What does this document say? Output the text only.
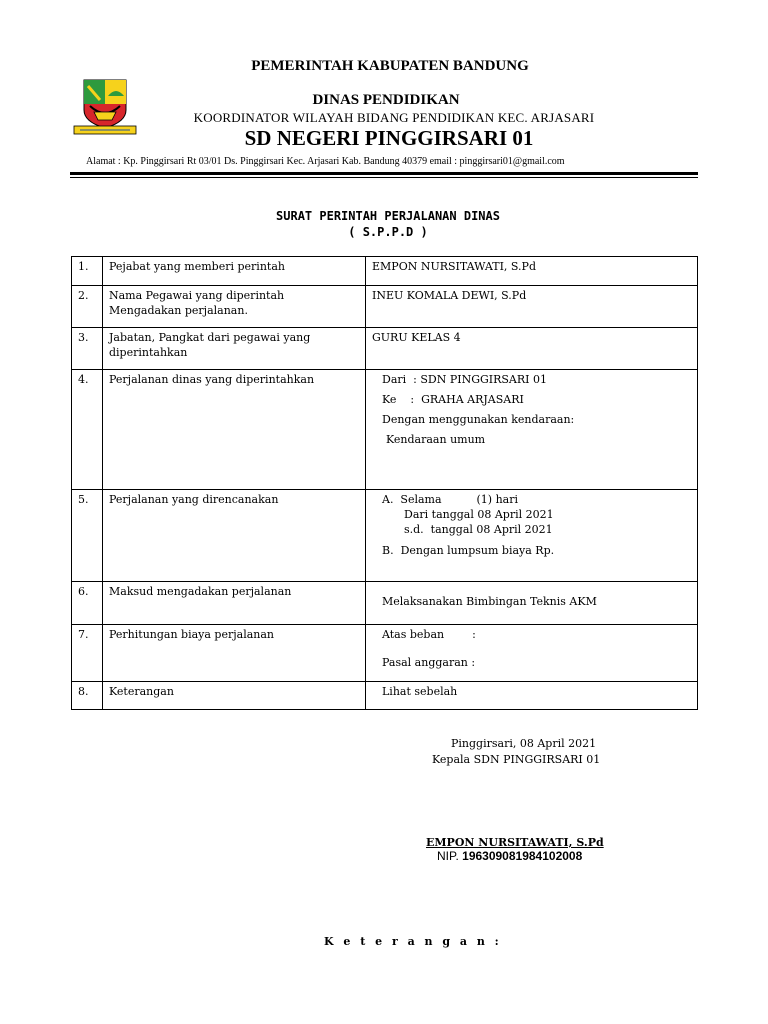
PEMERINTAH KABUPATEN BANDUNG
DINAS PENDIDIKAN
KOORDINATOR WILAYAH BIDANG PENDIDIKAN KEC. ARJASARI
SD NEGERI PINGGIRSARI 01
Alamat : Kp. Pinggirsari Rt 03/01 Ds. Pinggirsari Kec. Arjasari Kab. Bandung 40379 email : pinggirsari01@gmail.com
SURAT PERINTAH PERJALANAN DINAS
( S.P.P.D )
1.	Pejabat yang memberi perintah	EMPON NURSITAWATI, S.Pd

2.	Nama Pegawai yang diperintah
Mengadakan perjalanan.	INEU KOMALA DEWI, S.Pd

3.	Jabatan, Pangkat dari pegawai yang
diperintahkan	GURU KELAS 4

4.	Perjalanan dinas yang diperintahkan	Dari  : SDN PINGGIRSARI 01
Ke    :  GRAHA ARJASARI
Dengan menggunakan kendaraan:
Kendaraan umum

5.	Perjalanan yang direncanakan	A.  Selama          (1) hari
Dari tanggal 08 April 2021
s.d.  tanggal 08 April 2021
B.  Dengan lumpsum biaya Rp.

6.	Maksud mengadakan perjalanan	Melaksanakan Bimbingan Teknis AKM

7.	Perhitungan biaya perjalanan	Atas beban        :
Pasal anggaran :

8.	Keterangan	Lihat sebelah
Pinggirsari, 08 April 2021
Kepala SDN PINGGIRSARI 01
EMPON NURSITAWATI, S.Pd
NIP. 196309081984102008
K e t e r a n g a n :
